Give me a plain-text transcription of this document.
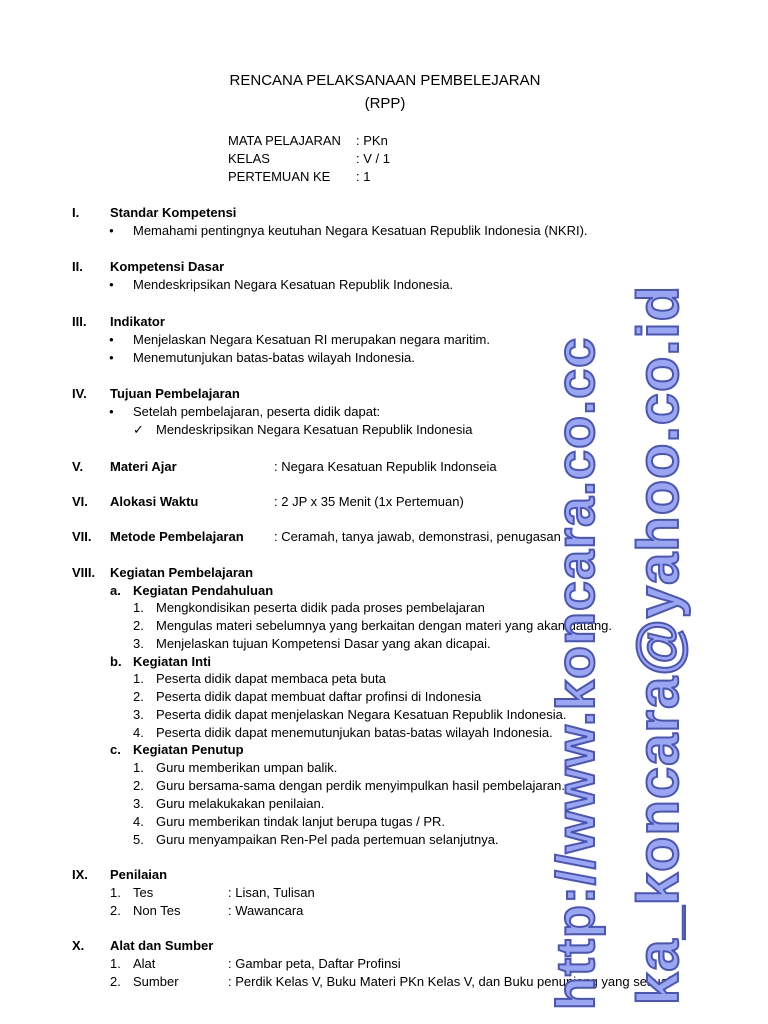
RENCANA PELAKSANAAN PEMBELEJARAN
(RPP)
MATA PELAJARAN : PKn
KELAS	: V / 1
PERTEMUAN KE : 1
I. Standar Kompetensi
● Memahami pentingnya keutuhan Negara Kesatuan Republik Indonesia (NKRI).
II. Kompetensi Dasar
● Mendeskripsikan Negara Kesatuan Republik Indonesia.
III. Indikator
● Menjelaskan Negara Kesatuan RI merupakan negara maritim.
● Menemutunjukan batas-batas wilayah Indonesia.
IV. Tujuan Pembelajaran
● Setelah pembelajaran, peserta didik dapat:
✓ Mendeskripsikan Negara Kesatuan Republik Indonesia
V. Materi Ajar	: Negara Kesatuan Republik Indonseia
VI. Alokasi Waktu	: 2 JP x 35 Menit (1x Pertemuan)
VII. Metode Pembelajaran : Ceramah, tanya jawab, demonstrasi, penugasan
VIII. Kegiatan Pembelajaran
a. Kegiatan Pendahuluan
1. Mengkondisikan peserta didik pada proses pembelajaran
2. Mengulas materi sebelumnya yang berkaitan dengan materi yang akan datang.
3. Menjelaskan tujuan Kompetensi Dasar yang akan dicapai.
b. Kegiatan Inti
1. Peserta didik dapat membaca peta buta
2. Peserta didik dapat membuat daftar profinsi di Indonesia
3. Peserta didik dapat menjelaskan Negara Kesatuan Republik Indonesia.
4. Peserta didik dapat menemutunjukan batas-batas wilayah Indonesia.
c. Kegiatan Penutup
1. Guru memberikan umpan balik.
2. Guru bersama-sama dengan perdik menyimpulkan hasil pembelajaran.
3. Guru melakukakan penilaian.
4. Guru memberikan tindak lanjut berupa tugas / PR.
5. Guru menyampaikan Ren-Pel pada pertemuan selanjutnya.
IX. Penilaian
1. Tes	: Lisan, Tulisan
2. Non Tes	: Wawancara
X. Alat dan Sumber
1. Alat	: Gambar peta, Daftar Profinsi
2. Sumber	: Perdik Kelas V, Buku Materi PKn Kelas V, dan Buku penunjang yang sesuai
http://www.koncara.co.cc ka_koncara@yahoo.co.id
